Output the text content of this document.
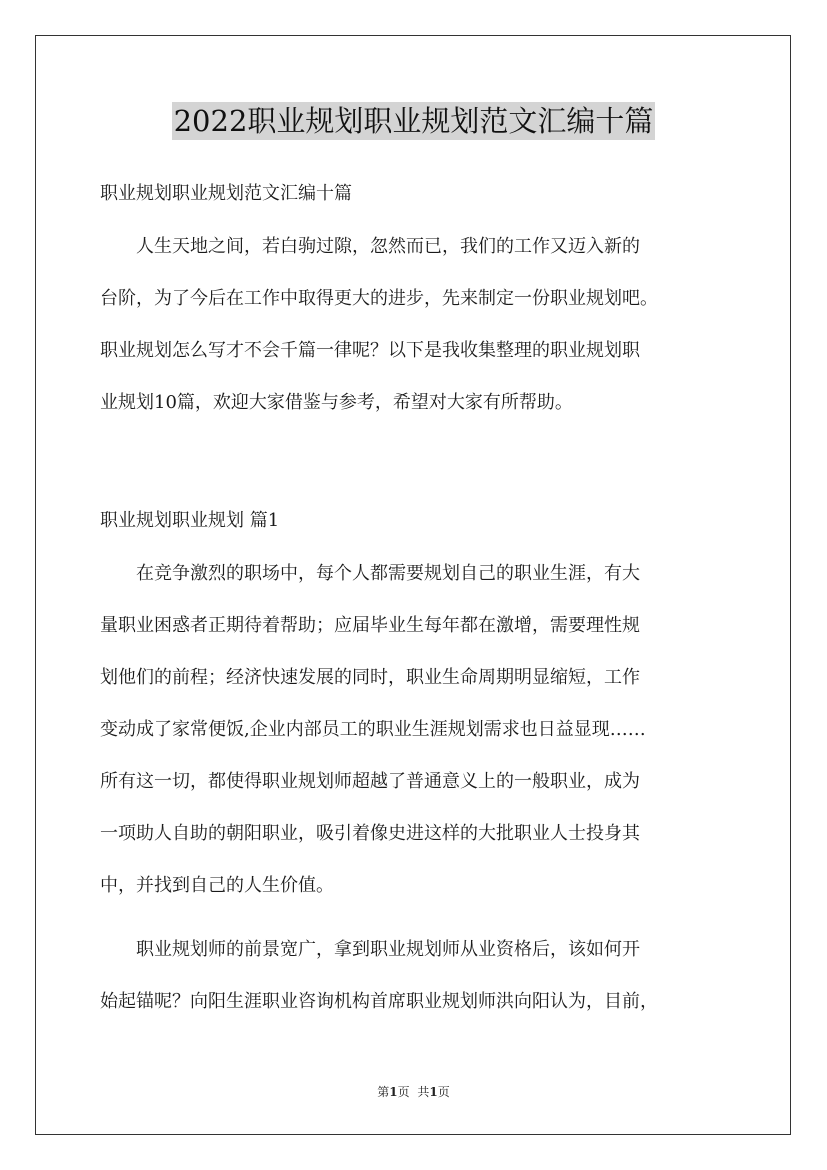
2022职业规划职业规划范文汇编十篇
职业规划职业规划范文汇编十篇
　　人生天地之间，若白驹过隙，忽然而已，我们的工作又迈入新的
台阶，为了今后在工作中取得更大的进步，先来制定一份职业规划吧。
职业规划怎么写才不会千篇一律呢？以下是我收集整理的职业规划职
业规划10篇，欢迎大家借鉴与参考，希望对大家有所帮助。
职业规划职业规划 篇1
　　在竞争激烈的职场中，每个人都需要规划自己的职业生涯，有大
量职业困惑者正期待着帮助；应届毕业生每年都在激增，需要理性规
划他们的前程；经济快速发展的同时，职业生命周期明显缩短，工作
变动成了家常便饭,企业内部员工的职业生涯规划需求也日益显现……
所有这一切，都使得职业规划师超越了普通意义上的一般职业，成为
一项助人自助的朝阳职业，吸引着像史进这样的大批职业人士投身其
中，并找到自己的人生价值。
　　职业规划师的前景宽广，拿到职业规划师从业资格后，该如何开
始起锚呢？向阳生涯职业咨询机构首席职业规划师洪向阳认为，目前，
第1页 共1页
